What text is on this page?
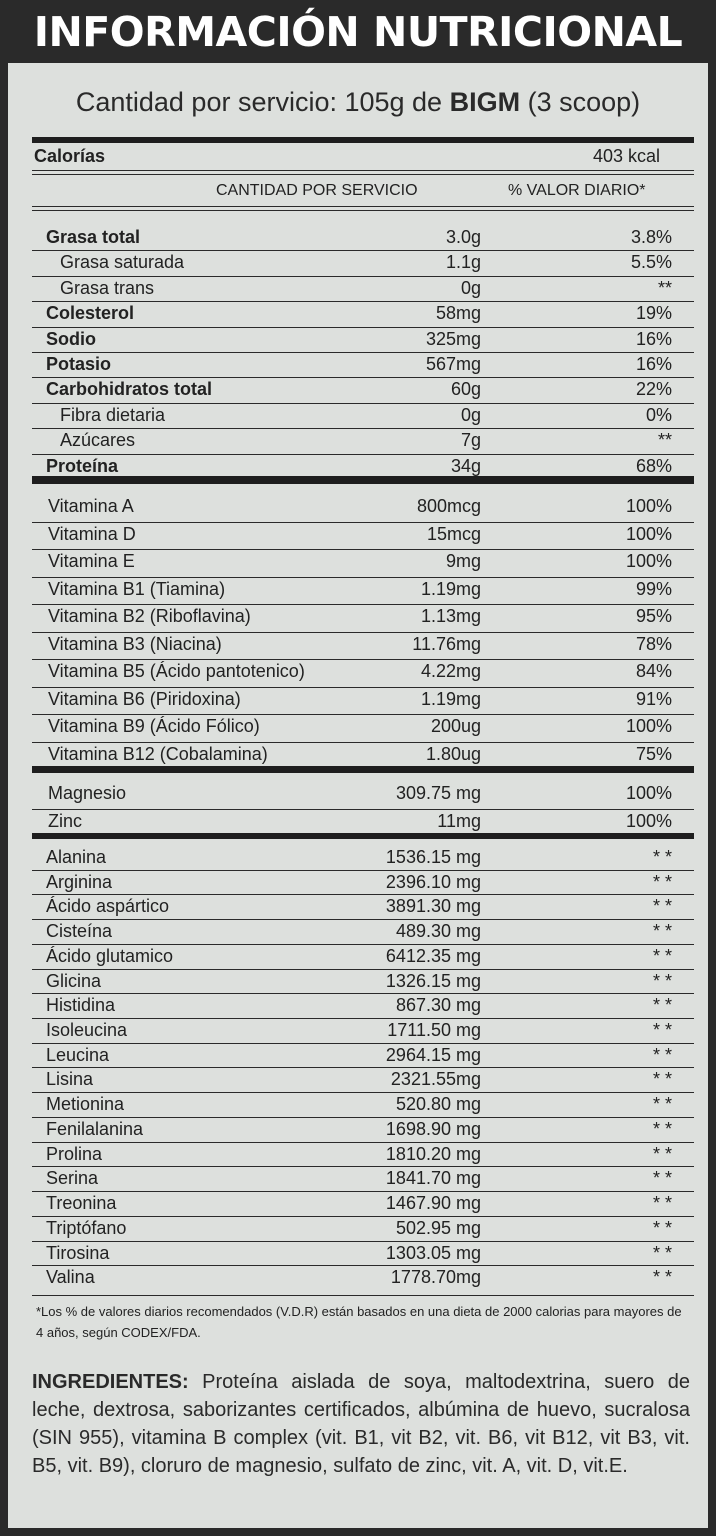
INFORMACIÓN NUTRICIONAL
Cantidad por servicio: 105g de BIGM (3 scoop)
Calorías	403 kcal
CANTIDAD POR SERVICIO	% VALOR DIARIO*
Grasa total	3.0g	3.8%
Grasa saturada	1.1g	5.5%
Grasa trans	0g	**
Colesterol	58mg	19%
Sodio	325mg	16%
Potasio	567mg	16%
Carbohidratos total	60g	22%
Fibra dietaria	0g	0%
Azúcares	7g	**
Proteína	34g	68%
Vitamina A	800mcg	100%
Vitamina D	15mcg	100%
Vitamina E	9mg	100%
Vitamina B1 (Tiamina)	1.19mg	99%
Vitamina B2 (Riboflavina)	1.13mg	95%
Vitamina B3 (Niacina)	11.76mg	78%
Vitamina B5 (Ácido pantotenico)	4.22mg	84%
Vitamina B6 (Piridoxina)	1.19mg	91%
Vitamina B9 (Ácido Fólico)	200ug	100%
Vitamina B12 (Cobalamina)	1.80ug	75%
Magnesio	309.75 mg	100%
Zinc	11mg	100%
Alanina	1536.15 mg	* *
Arginina	2396.10 mg	* *
Ácido aspártico	3891.30 mg	* *
Cisteína	489.30 mg	* *
Ácido glutamico	6412.35 mg	* *
Glicina	1326.15 mg	* *
Histidina	867.30 mg	* *
Isoleucina	1711.50 mg	* *
Leucina	2964.15 mg	* *
Lisina	2321.55mg	* *
Metionina	520.80 mg	* *
Fenilalanina	1698.90 mg	* *
Prolina	1810.20 mg	* *
Serina	1841.70 mg	* *
Treonina	1467.90 mg	* *
Triptófano	502.95 mg	* *
Tirosina	1303.05 mg	* *
Valina	1778.70mg	* *
*Los % de valores diarios recomendados (V.D.R) están basados en una dieta de 2000 calorias para mayores de 4 años, según CODEX/FDA.
INGREDIENTES: Proteína aislada de soya, maltodextrina, suero de leche, dextrosa, saborizantes certificados, albúmina de huevo, sucralosa (SIN 955), vitamina B complex (vit. B1, vit B2, vit. B6, vit B12, vit B3, vit. B5, vit. B9), cloruro de magnesio, sulfato de zinc, vit. A, vit. D, vit.E.
